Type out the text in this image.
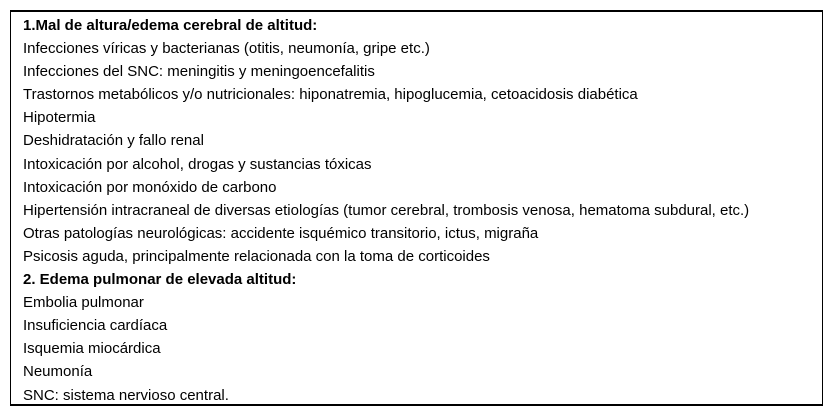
1.Mal de altura/edema cerebral de altitud:
Infecciones víricas y bacterianas (otitis, neumonía, gripe etc.)
Infecciones del SNC: meningitis y meningoencefalitis
Trastornos metabólicos y/o nutricionales: hiponatremia, hipoglucemia, cetoacidosis diabética
Hipotermia
Deshidratación y fallo renal
Intoxicación por alcohol, drogas y sustancias tóxicas
Intoxicación por monóxido de carbono
Hipertensión intracraneal de diversas etiologías (tumor cerebral, trombosis venosa, hematoma subdural, etc.)
Otras patologías neurológicas: accidente isquémico transitorio, ictus, migraña
Psicosis aguda, principalmente relacionada con la toma de corticoides
2. Edema pulmonar de elevada altitud:
Embolia pulmonar
Insuficiencia cardíaca
Isquemia miocárdica
Neumonía
SNC: sistema nervioso central.
